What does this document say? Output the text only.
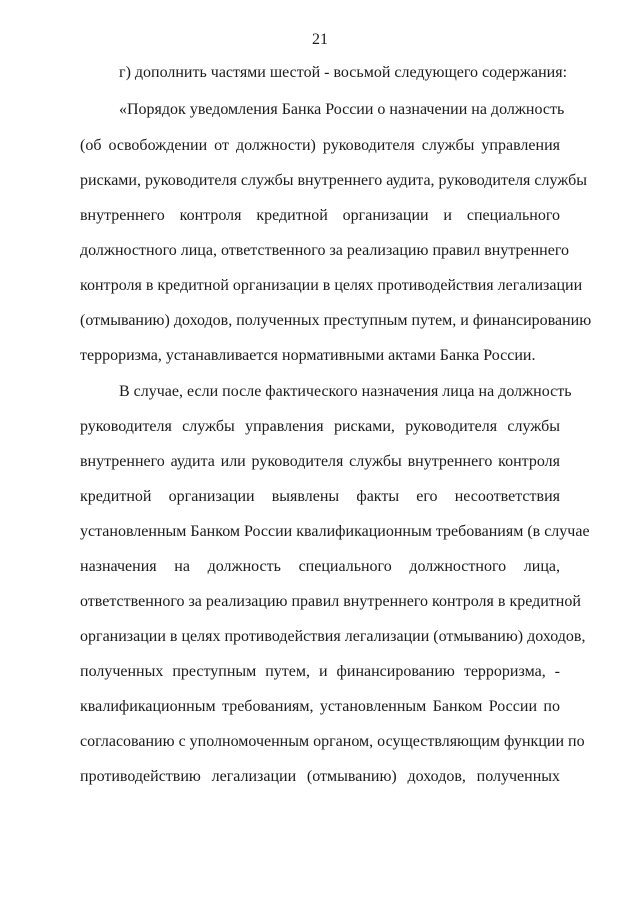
21
г) дополнить частями шестой - восьмой следующего содержания:
«Порядок уведомления Банка России о назначении на должность
(об освобождении от должности) руководителя службы управления
рисками, руководителя службы внутреннего аудита, руководителя службы
внутреннего контроля кредитной организации и специального
должностного лица, ответственного за реализацию правил внутреннего
контроля в кредитной организации в целях противодействия легализации
(отмыванию) доходов, полученных преступным путем, и финансированию
терроризма, устанавливается нормативными актами Банка России.
В случае, если после фактического назначения лица на должность
руководителя службы управления рисками, руководителя службы
внутреннего аудита или руководителя службы внутреннего контроля
кредитной организации выявлены факты его несоответствия
установленным Банком России квалификационным требованиям (в случае
назначения на должность специального должностного лица,
ответственного за реализацию правил внутреннего контроля в кредитной
организации в целях противодействия легализации (отмыванию) доходов,
полученных преступным путем, и финансированию терроризма, -
квалификационным требованиям, установленным Банком России по
согласованию с уполномоченным органом, осуществляющим функции по
противодействию легализации (отмыванию) доходов, полученных
